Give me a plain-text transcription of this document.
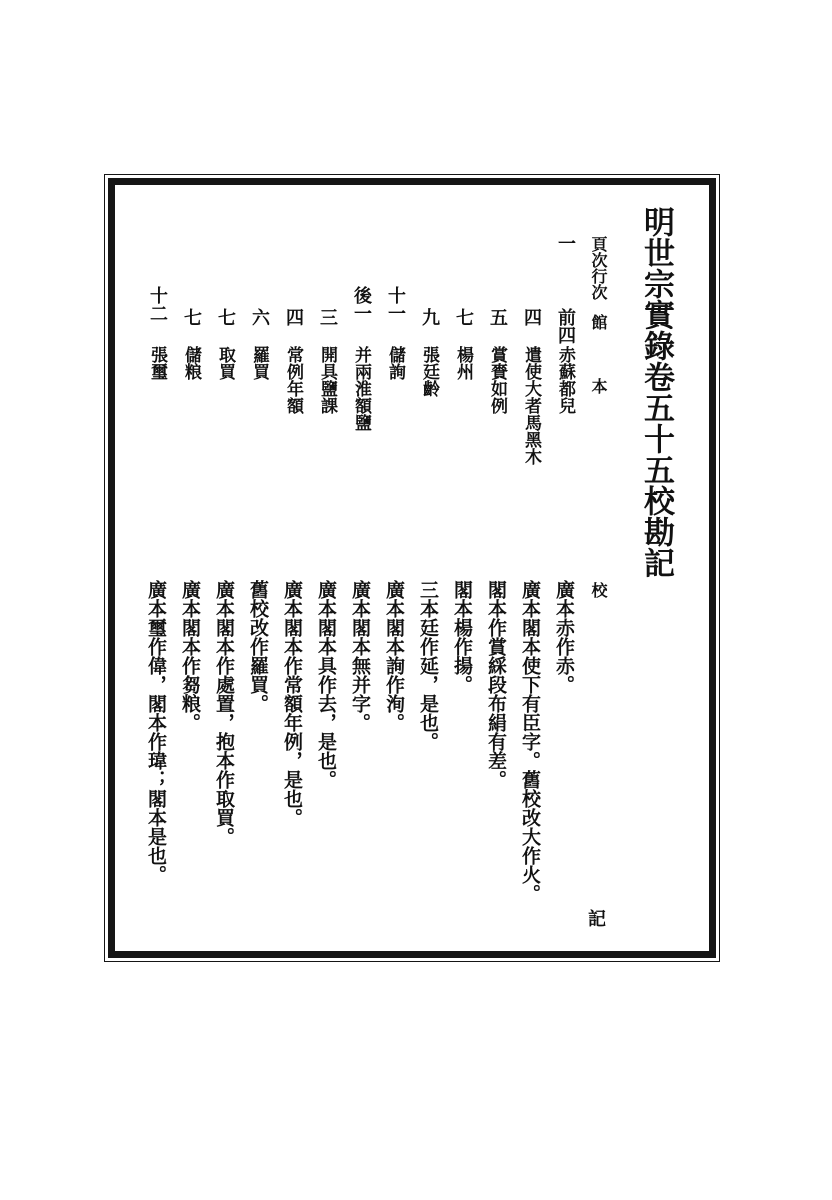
明世宗實錄卷五十五校勘記
頁次
行次
館　　　本
校
一
前四
赤蘇都兒
廣本赤作赤。
四
遣使大者馬黑木
廣本閣本使下有臣字。舊校改大作火。
五
賞賚如例
閣本作賞綵段布絹有差。
七
楊州
閣本楊作揚。
九
張廷齡
三本廷作延，是也。
十一
儲詢
廣本閣本詢作洵。
後一
并兩淮額鹽
廣本閣本無并字。
三
開具鹽課
廣本閣本具作去，是也。
四
常例年額
廣本閣本作常額年例，是也。
六
羅買
舊校改作羅買。
七
取買
廣本閣本作處置，抱本作取買。
七
儲粮
廣本閣本作芻粮。
十二
張璽
廣本璽作偉，閣本作瑋；閣本是也。
記
